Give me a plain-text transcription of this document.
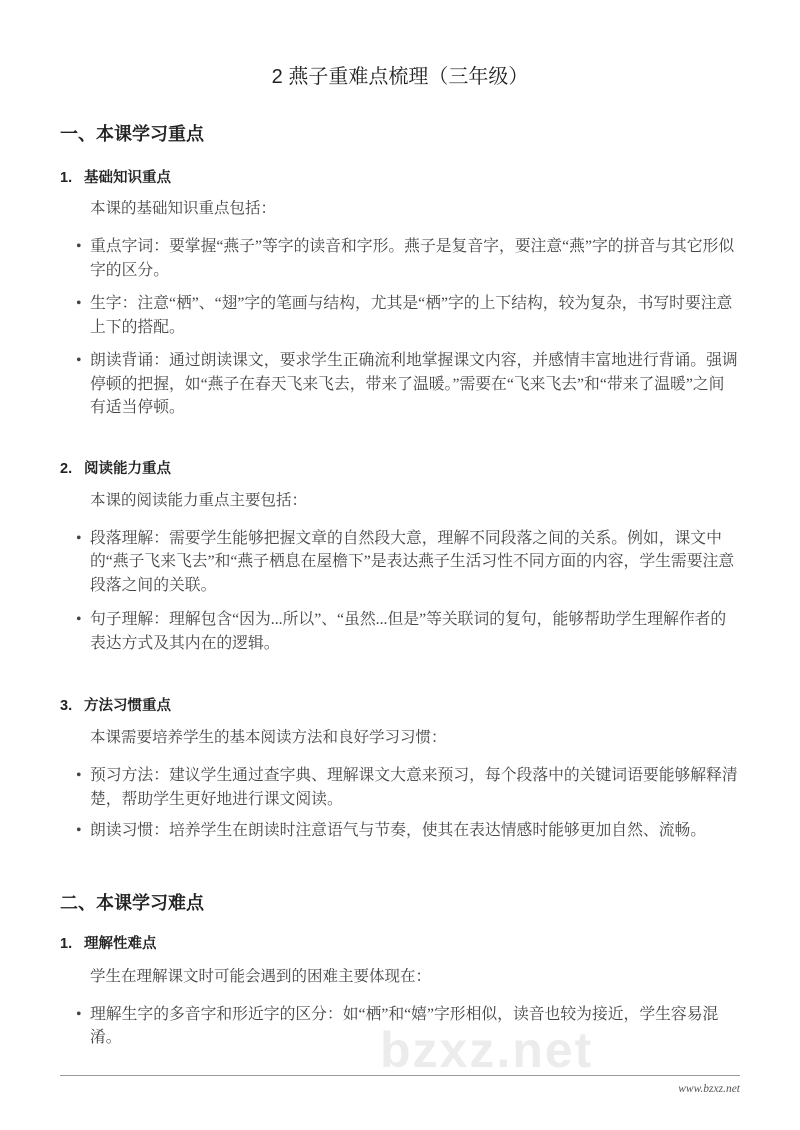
bzxz.net
2 燕子重难点梳理（三年级）
一、本课学习重点
1. 基础知识重点
本课的基础知识重点包括：
• 重点字词：要掌握“燕子”等字的读音和字形。燕子是复音字，要注意“燕”字的拼音与其它形似字的区分。
• 生字：注意“栖”、“翅”字的笔画与结构，尤其是“栖”字的上下结构，较为复杂，书写时要注意上下的搭配。
• 朗读背诵：通过朗读课文，要求学生正确流利地掌握课文内容，并感情丰富地进行背诵。强调停顿的把握，如“燕子在春天飞来飞去，带来了温暖。”需要在“飞来飞去”和“带来了温暖”之间有适当停顿。
2. 阅读能力重点
本课的阅读能力重点主要包括：
• 段落理解：需要学生能够把握文章的自然段大意，理解不同段落之间的关系。例如，课文中的“燕子飞来飞去”和“燕子栖息在屋檐下”是表达燕子生活习性不同方面的内容，学生需要注意段落之间的关联。
• 句子理解：理解包含“因为...所以”、“虽然...但是”等关联词的复句，能够帮助学生理解作者的表达方式及其内在的逻辑。
3. 方法习惯重点
本课需要培养学生的基本阅读方法和良好学习习惯：
• 预习方法：建议学生通过查字典、理解课文大意来预习，每个段落中的关键词语要能够解释清楚，帮助学生更好地进行课文阅读。
• 朗读习惯：培养学生在朗读时注意语气与节奏，使其在表达情感时能够更加自然、流畅。
二、本课学习难点
1. 理解性难点
学生在理解课文时可能会遇到的困难主要体现在：
• 理解生字的多音字和形近字的区分：如“栖”和“嬉”字形相似，读音也较为接近，学生容易混淆。
www.bzxz.net
